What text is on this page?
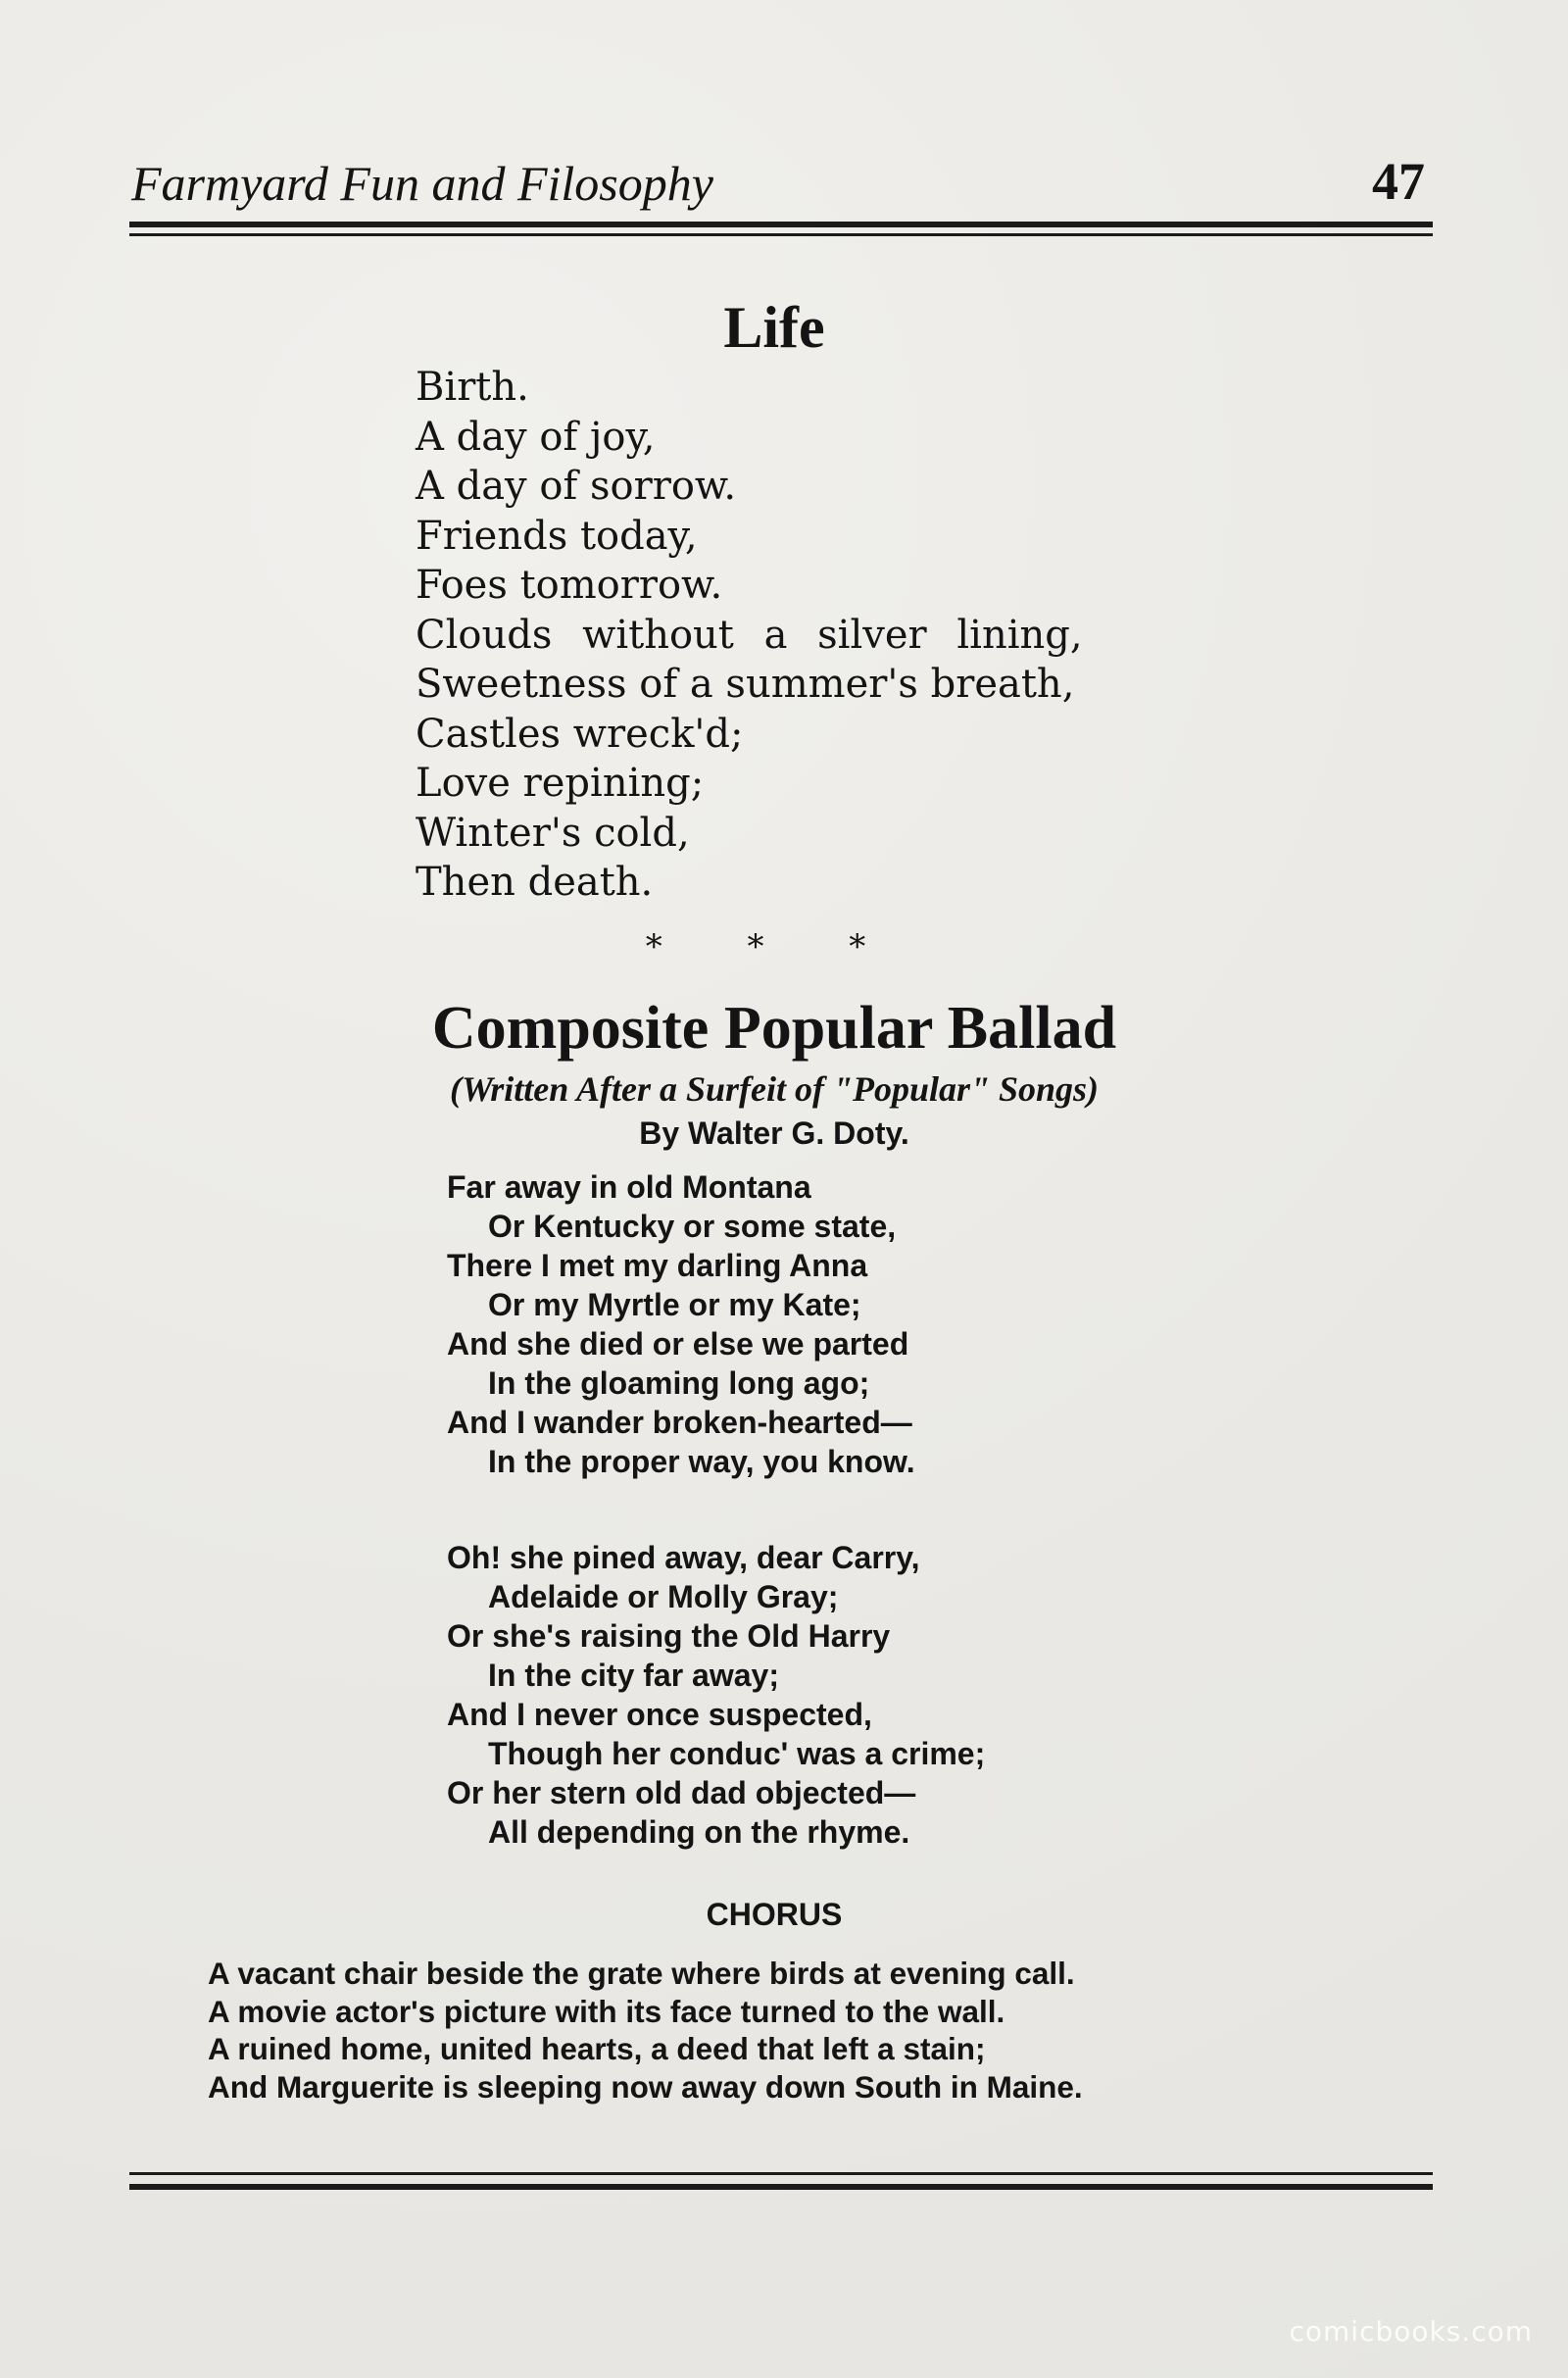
Farmyard Fun and Filosophy	47
Life
Birth.
A day of joy,
A day of sorrow.
Friends today,
Foes tomorrow.
Clouds without a silver lining,
Sweetness of a summer's breath,
Castles wreck'd;
Love repining;
Winter's cold,
Then death.
* * *
Composite Popular Ballad
(Written After a Surfeit of "Popular" Songs)
By Walter G. Doty.
Far away in old Montana
Or Kentucky or some state,
There I met my darling Anna
Or my Myrtle or my Kate;
And she died or else we parted
In the gloaming long ago;
And I wander broken-hearted—
In the proper way, you know.
Oh! she pined away, dear Carry,
Adelaide or Molly Gray;
Or she's raising the Old Harry
In the city far away;
And I never once suspected,
Though her conduc' was a crime;
Or her stern old dad objected—
All depending on the rhyme.
CHORUS
A vacant chair beside the grate where birds at evening call.
A movie actor's picture with its face turned to the wall.
A ruined home, united hearts, a deed that left a stain;
And Marguerite is sleeping now away down South in Maine.
comicbooks.com
